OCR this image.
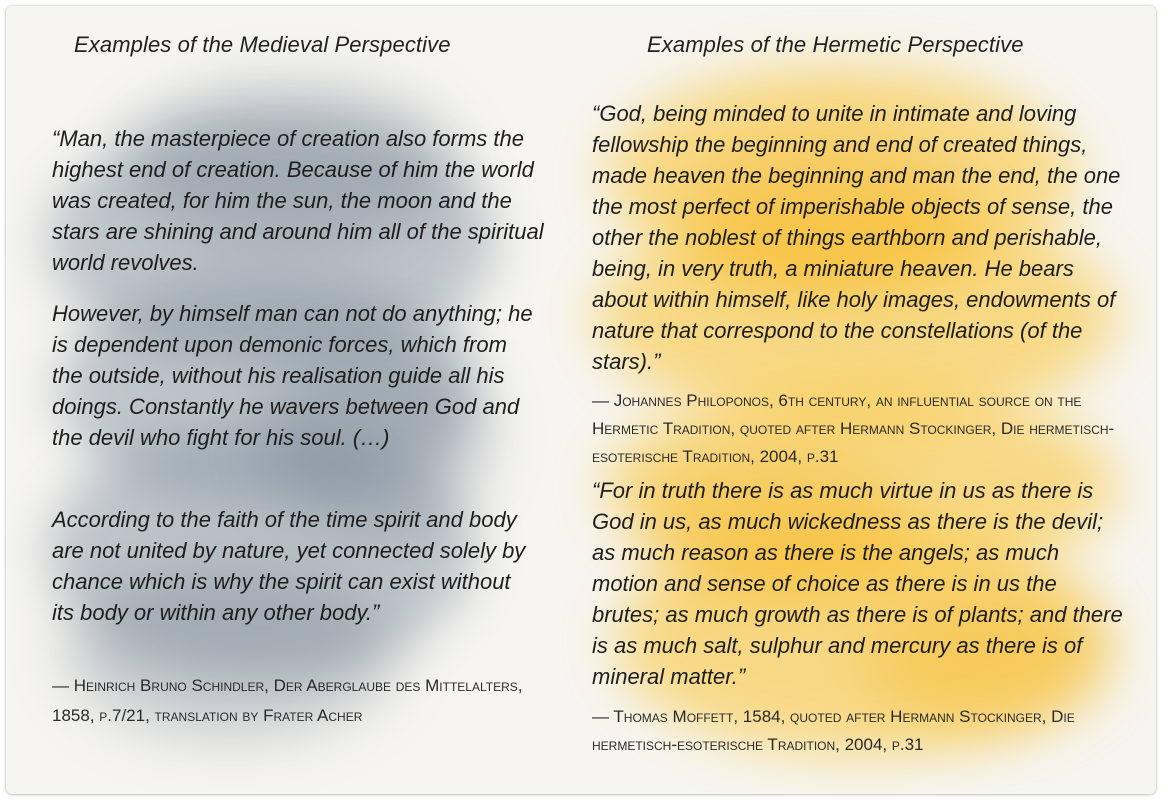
Examples of the Medieval Perspective

“Man, the masterpiece of creation also forms the highest end of creation. Because of him the world was created, for him the sun, the moon and the stars are shining and around him all of the spiritual world revolves.

However, by himself man can not do anything; he is dependent upon demonic forces, which from the outside, without his realisation guide all his doings. Constantly he wavers between God and the devil who fight for his soul. (…)

According to the faith of the time spirit and body are not united by nature, yet connected solely by chance which is why the spirit can exist without its body or within any other body.”

— Heinrich Bruno Schindler, Der Aberglaube des Mittelalters, 1858, p.7/21, translation by Frater Acher

Examples of the Hermetic Perspective

“God, being minded to unite in intimate and loving fellowship the beginning and end of created things, made heaven the beginning and man the end, the one the most perfect of imperishable objects of sense, the other the noblest of things earthborn and perishable, being, in very truth, a miniature heaven. He bears about within himself, like holy images, endowments of nature that correspond to the constellations (of the stars).”

— Johannes Philoponos, 6th century, an influential source on the Hermetic Tradition, quoted after Hermann Stockinger, Die hermetisch-esoterische Tradition, 2004, p.31

“For in truth there is as much virtue in us as there is God in us, as much wickedness as there is the devil; as much reason as there is the angels; as much motion and sense of choice as there is in us the brutes; as much growth as there is of plants; and there is as much salt, sulphur and mercury as there is of mineral matter.”

— Thomas Moffett, 1584, quoted after Hermann Stockinger, Die hermetisch-esoterische Tradition, 2004, p.31
